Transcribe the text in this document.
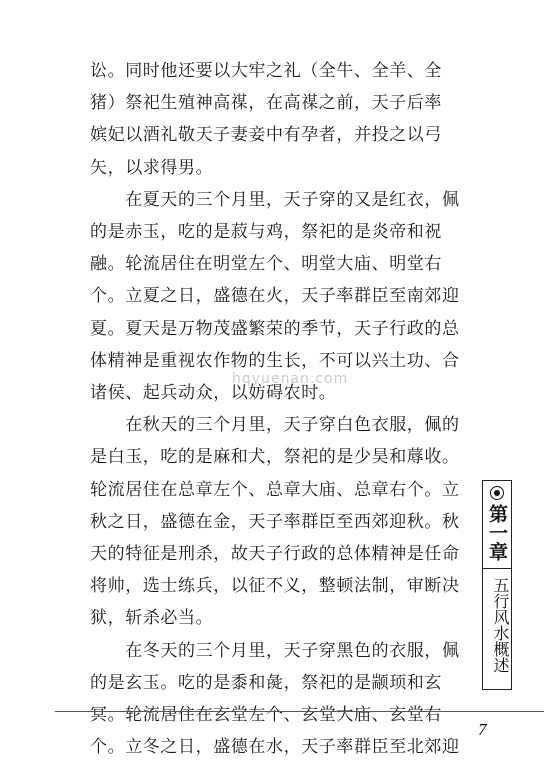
讼。同时他还要以大牢之礼（全牛、全羊、全
猪）祭祀生殖神高禖，在高禖之前，天子后率
嫔妃以酒礼敬天子妻妾中有孕者，并投之以弓
矢，以求得男。

　　在夏天的三个月里，天子穿的又是红衣，佩
的是赤玉，吃的是菽与鸡，祭祀的是炎帝和祝
融。轮流居住在明堂左个、明堂大庙、明堂右
个。立夏之日，盛德在火，天子率群臣至南郊迎
夏。夏天是万物茂盛繁荣的季节，天子行政的总
体精神是重视农作物的生长，不可以兴土功、合
诸侯、起兵动众，以妨碍农时。

　　在秋天的三个月里，天子穿白色衣服，佩的
是白玉，吃的是麻和犬，祭祀的是少昊和蓐收。
轮流居住在总章左个、总章大庙、总章右个。立
秋之日，盛德在金，天子率群臣至西郊迎秋。秋
天的特征是刑杀，故天子行政的总体精神是任命
将帅，选士练兵，以征不义，整顿法制，审断决
狱，斩杀必当。

　　在冬天的三个月里，天子穿黑色的衣服，佩
的是玄玉。吃的是黍和彘，祭祀的是颛顼和玄
冥。轮流居住在玄堂左个、玄堂大庙、玄堂右
个。立冬之日，盛德在水，天子率群臣至北郊迎

hqyuenan.com
第一章
五行风水概述
7
